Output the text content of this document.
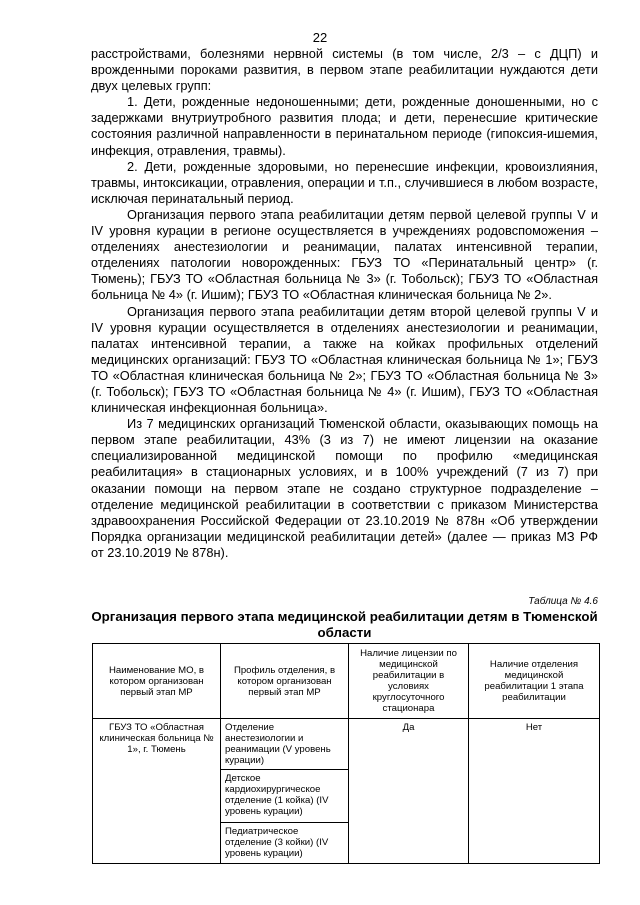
22

расстройствами, болезнями нервной системы (в том числе, 2/3 – с ДЦП) и врожденными пороками развития, в первом этапе реабилитации нуждаются дети двух целевых групп:

1. Дети, рожденные недоношенными; дети, рожденные доношенными, но с задержками внутриутробного развития плода; и дети, перенесшие критические состояния различной направленности в перинатальном периоде (гипоксия-ишемия, инфекция, отравления, травмы).

2. Дети, рожденные здоровыми, но перенесшие инфекции, кровоизлияния, травмы, интоксикации, отравления, операции и т.п., случившиеся в любом возрасте, исключая перинатальный период.

Организация первого этапа реабилитации детям первой целевой группы V и IV уровня курации в регионе осуществляется в учреждениях родовспоможения – отделениях анестезиологии и реанимации, палатах интенсивной терапии, отделениях патологии новорожденных: ГБУЗ ТО «Перинатальный центр» (г. Тюмень); ГБУЗ ТО «Областная больница № 3» (г. Тобольск); ГБУЗ ТО «Областная больница № 4» (г. Ишим); ГБУЗ ТО «Областная клиническая больница № 2».

Организация первого этапа реабилитации детям второй целевой группы V и IV уровня курации осуществляется в отделениях анестезиологии и реанимации, палатах интенсивной терапии, а также на койках профильных отделений медицинских организаций: ГБУЗ ТО «Областная клиническая больница № 1»; ГБУЗ ТО «Областная клиническая больница № 2»; ГБУЗ ТО «Областная больница № 3» (г. Тобольск); ГБУЗ ТО «Областная больница № 4» (г. Ишим), ГБУЗ ТО «Областная клиническая инфекционная больница».

Из 7 медицинских организаций Тюменской области, оказывающих помощь на первом этапе реабилитации, 43% (3 из 7) не имеют лицензии на оказание специализированной медицинской помощи по профилю «медицинская реабилитация» в стационарных условиях, и в 100% учреждений (7 из 7) при оказании помощи на первом этапе не создано структурное подразделение – отделение медицинской реабилитации в соответствии с приказом Министерства здравоохранения Российской Федерации от 23.10.2019 № 878н «Об утверждении Порядка организации медицинской реабилитации детей» (далее — приказ МЗ РФ от 23.10.2019 № 878н).

Таблица № 4.6
Организация первого этапа медицинской реабилитации детям в Тюменской области
Наименование МО, в котором организован первый этап МР	Профиль отделения, в котором организован первый этап МР	Наличие лицензии по медицинской реабилитации в условиях круглосуточного стационара	Наличие отделения медицинской реабилитации 1 этапа реабилитации
ГБУЗ ТО «Областная клиническая больница № 1», г. Тюмень	Отделение анестезиологии и реанимации (V уровень курации)	Да	Нет
	Детское кардиохирургическое отделение (1 койка) (IV уровень курации)		
	Педиатрическое отделение (3 койки) (IV уровень курации)		
